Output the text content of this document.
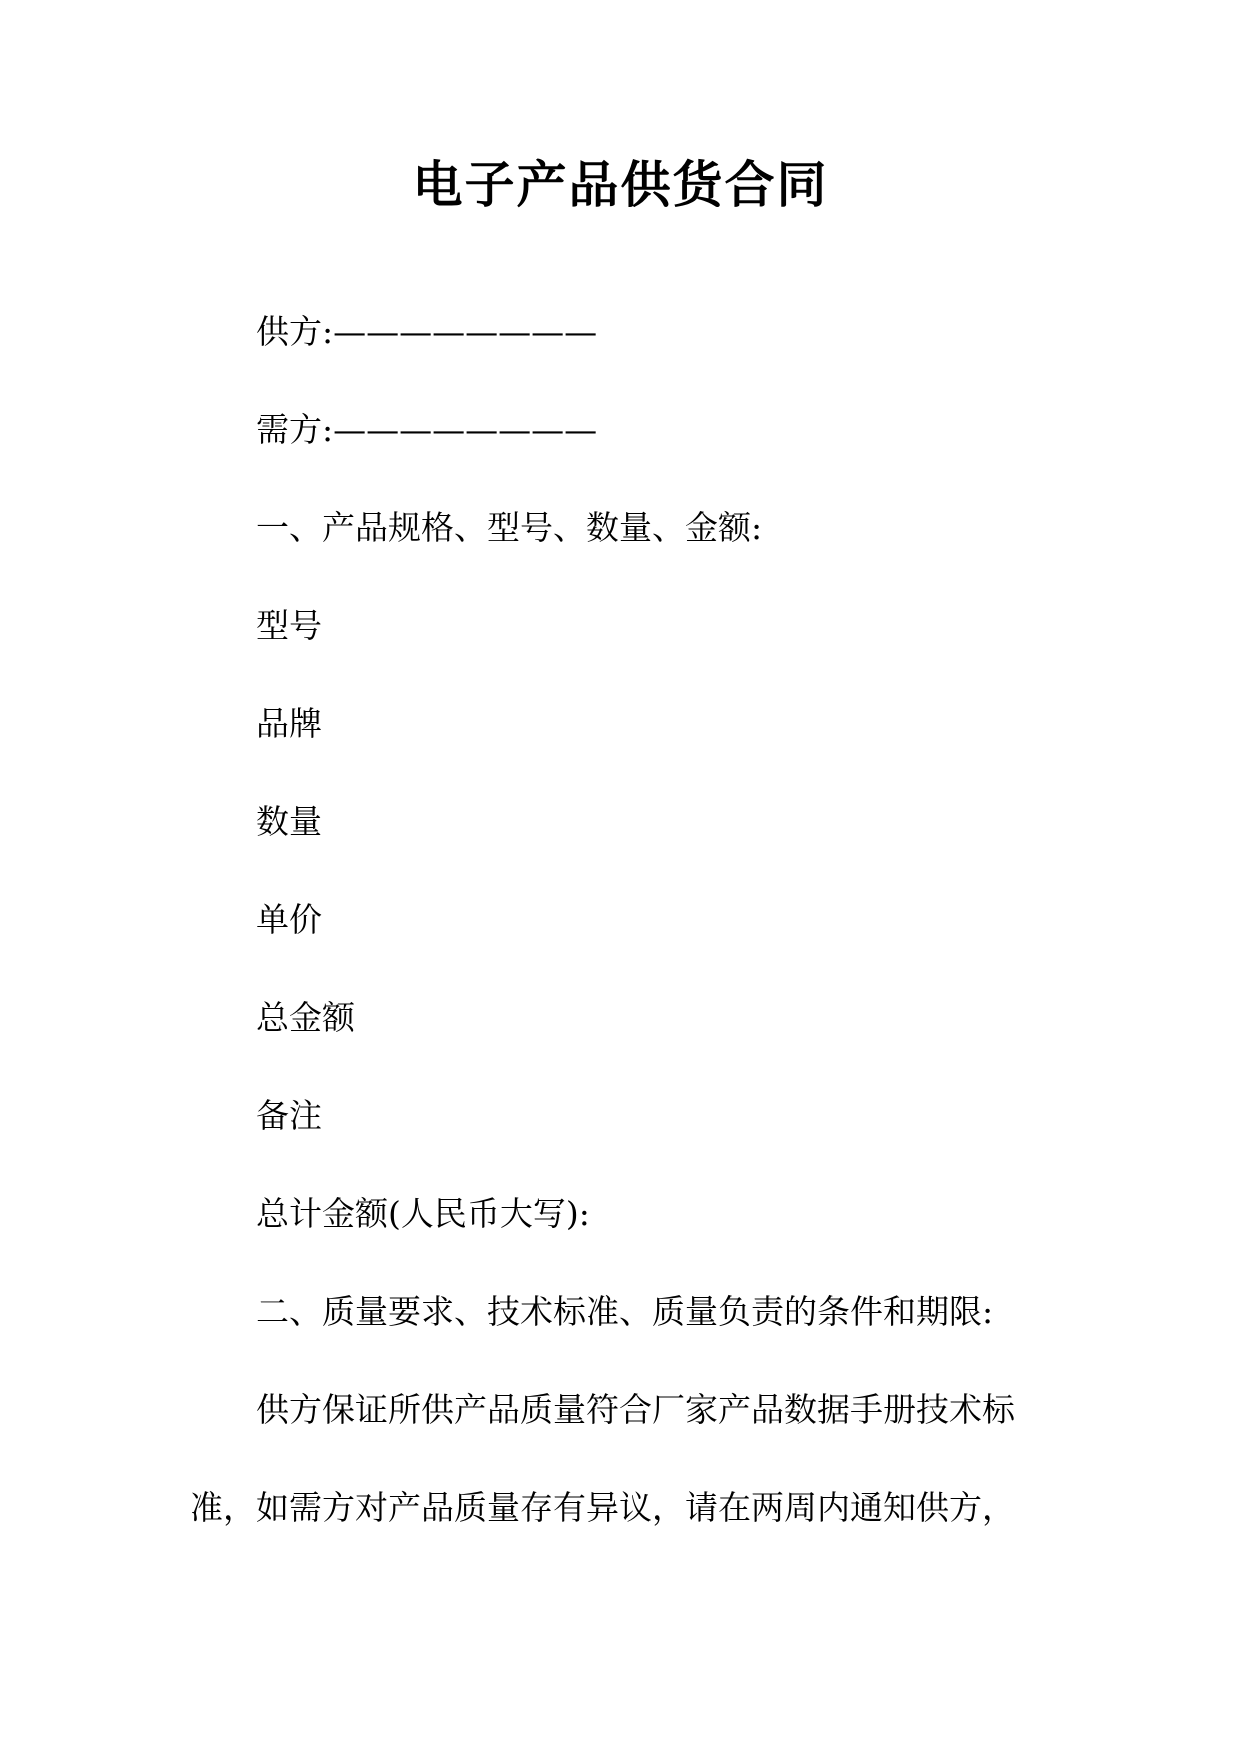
电子产品供货合同

供方:————————

需方:————————

一、产品规格、型号、数量、金额:

型号

品牌

数量

单价

总金额

备注

总计金额(人民币大写):

二、质量要求、技术标准、质量负责的条件和期限:

供方保证所供产品质量符合厂家产品数据手册技术标

准，如需方对产品质量存有异议，请在两周内通知供方，
